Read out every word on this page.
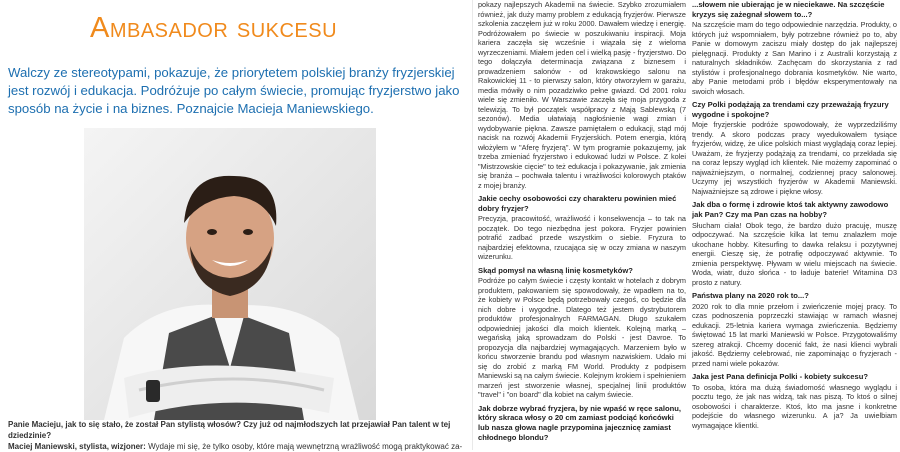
Ambasador sukcesu

Walczy ze stereotypami, pokazuje, że priorytetem polskiej branży fryzjerskiej jest rozwój i edukacja. Podróżuje po całym świecie, promując fryzjerstwo jako sposób na życie i na biznes. Poznajcie Macieja Maniewskiego.

Panie Macieju, jak to się stało, że został Pan stylistą włosów? Czy już od najmłodszych lat przejawiał Pan talent w tej dziedzinie?
Maciej Maniewski, stylista, wizjoner: Wydaje mi się, że tylko osoby, które mają wewnętrzną wrażliwość mogą praktykować za-

pokazy najlepszych Akademii na świecie. Szybko zrozumiałem również, jak duży mamy problem z edukacją fryzjerów. Pierwsze szkolenia zaczęłem już w roku 2000. Dawałem wiedzę i energię. Podróżowałem po świecie w poszukiwaniu inspiracji. Moja kariera zaczęła się wcześnie i wiązała się z wieloma wyrzeczeniami. Miałem jeden cel i wielką pasję - fryzjerstwo. Do tego dołączyła determinacja związana z biznesem i prowadzeniem salonów - od krakowskiego salonu na Rakowickiej 11 - to pierwszy salon, który otworzyłem w garażu, media mówiły o nim pozadziwko pełne gwiazd. Od 2001 roku wiele się zmieniło. W Warszawie zaczęła się moja przygoda z telewizją. To był początek współpracy z Mają Sablewską (7 sezonów). Media ułatwiają nagłośnienie wagi zmian i wydobywanie piękna. Zawsze pamiętałem o edukacji, stąd mój nacisk na rozwój Akademii Fryzjerskich. Potem energia, którą włożyłem w "Aferę fryzjerą". W tym programie pokazujemy, jak trzeba zmieniać fryzjerstwo i edukować ludzi w Polsce. Z kolei "Mistrzowskie cięcie" to też edukacja i pokazywanie, jak zmienia się branża – pochwała talentu i wrażliwości kolorowych ptaków z mojej branży.

Jakie cechy osobowości czy charakteru powinien mieć dobry fryzjer?

Precyzja, pracowitość, wrażliwość i konsekwencja – to tak na początek. Do tego niezbędna jest pokora. Fryzjer powinien potrafić zadbać przede wszystkim o siebie. Fryzura to najbardziej efektowna, rzucająca się w oczy zmiana w naszym wizerunku.

Skąd pomysł na własną linię kosmetyków?

Podróże po całym świecie i częsty kontakt w hotelach z dobrym produktem, pakowaniem się spowodowały, że wpadłem na to, że kobiety w Polsce będą potrzebowały czegoś, co będzie dla nich dobre i wygodne. Dlatego też jestem dystrybutorem produktów profesjonalnych FARMAGAN. Długo szukałem odpowiedniej jakości dla moich klientek. Kolejną marką – wegańską jaką sprowadzam do Polski - jest Davroe. To propozycja dla najbardziej wymagających. Marzeniem było w końcu stworzenie brandu pod własnym nazwiskiem. Udało mi się do zrobić z marką FM World. Produkty z podpisem Maniewski są na całym świecie. Kolejnym krokiem i spełnieniem marzeń jest stworzenie własnej, specjalnej linii produktów "travel" i "on board" dla kobiet na całym świecie.

Jak dobrze wybrać fryzjera, by nie wpaść w ręce salonu, który skraca włosy o 20 cm zamiast podciąć końcówki lub nasza głowa nagle przypomina jajecznicę zamiast chłodnego blondu?

...słowem nie ubierając je w nieciekawe. Na szczęście kryzys się zażegnał słowem to...?

Na szczęście mam do tego odpowiednie narzędzia. Produkty, o których już wspomniałem, były potrzebne również po to, aby Panie w domowym zaciszu miały dostęp do jak najlepszej pielęgnacji. Produkty z San Marino i z Australii korzystają z naturalnych składników. Zachęcam do skorzystania z rad stylistów i profesjonalnego dobrania kosmetyków. Nie warto, aby Panie metodami prób i błędów eksperymentowały na swoich włosach.

Czy Polki podążają za trendami czy przeważają fryzury wygodne i spokojne?

Moje fryzjerskie podróże spowodowały, że wyprzedziliśmy trendy. A skoro podczas pracy wyedukowałem tysiące fryzjerów, widzę, że ulice polskich miast wyglądają coraz lepiej. Uważam, że fryzjerzy podążają za trendami, co przekłada się na coraz lepszy wygląd ich klientek. Nie możemy zapominać o najważniejszym, o normalnej, codziennej pracy salonowej. Uczymy jej wszystkich fryzjerów w Akademii Maniewski. Najważniejsze są zdrowe i piękne włosy.

Jak dba o formę i zdrowie ktoś tak aktywny zawodowo jak Pan? Czy ma Pan czas na hobby?

Słucham ciała! Obok tego, że bardzo dużo pracuję, muszę odpoczywać. Na szczęście kilka lat temu znalazłem moje ukochane hobby. Kitesurfing to dawka relaksu i pozytywnej energii. Cieszę się, że potrafię odpoczywać aktywnie. To zmienia perspektywę. Pływam w wielu miejscach na świecie. Woda, wiatr, dużo słońca - to ładuje baterie! Witamina D3 prosto z natury.

Państwa plany na 2020 rok to...?

2020 rok to dla mnie przełom i zwieńczenie mojej pracy. To czas podnoszenia poprzeczki stawiając w ramach własnej edukacji. 25-letnia kariera wymaga zwieńczenia. Będziemy świętować 15 lat marki Maniewski w Polsce. Przygotowaliśmy szereg atrakcji. Chcemy docenić fakt, że nasi klienci wybrali jakość. Będziemy celebrować, nie zapominając o fryzjerach - przed nami wiele pokazów.

Jaka jest Pana definicja Polki - kobiety sukcesu?

To osoba, która ma dużą świadomość własnego wyglądu i pocztu tego, że jak nas widzą, tak nas piszą. To ktoś o silnej osobowości i charakterze. Ktoś, kto ma jasne i konkretne podejście do własnego wizerunku. A ja? Ja uwielbiam wymagające klientki.
